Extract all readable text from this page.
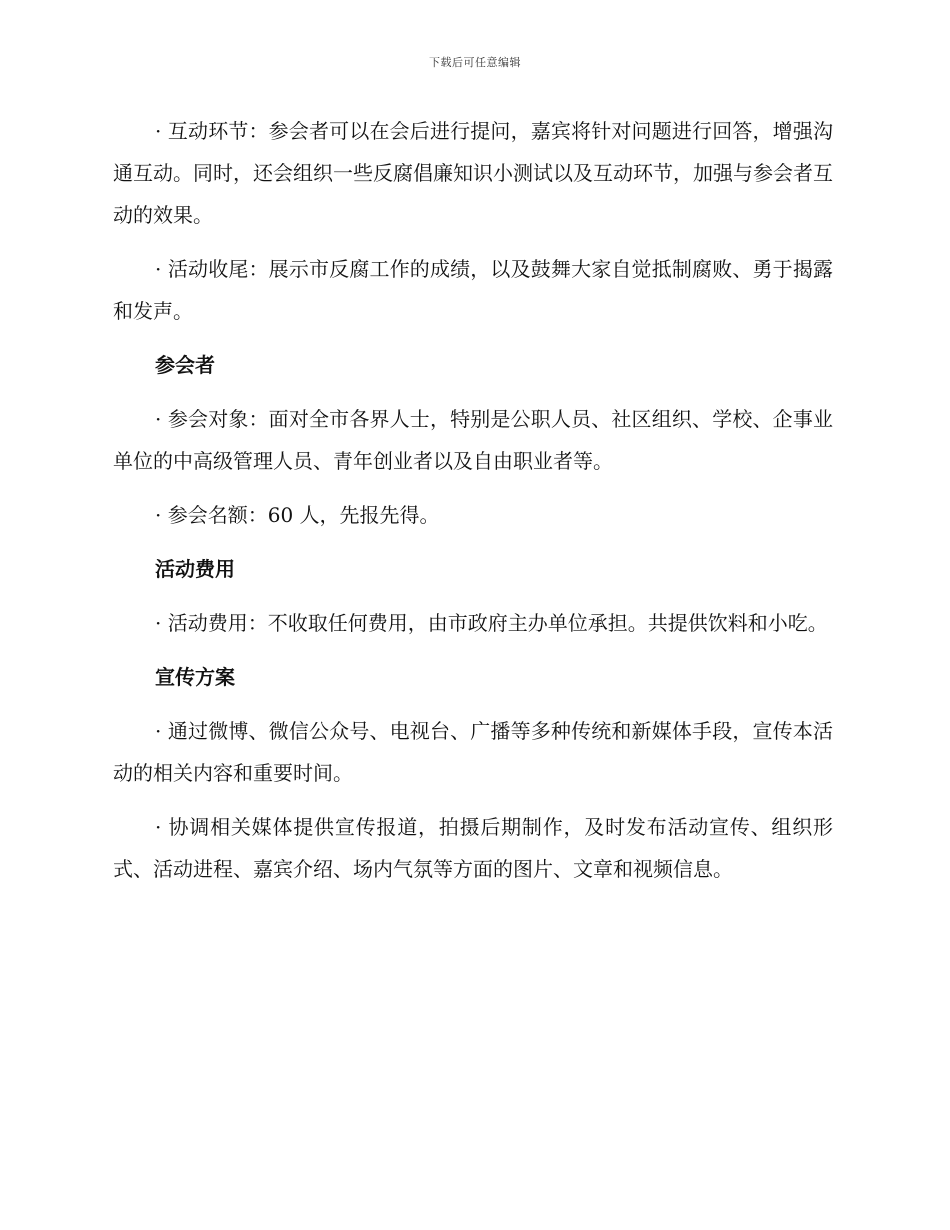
下载后可任意编辑

· 互动环节：参会者可以在会后进行提问，嘉宾将针对问题进行回答，增强沟通互动。同时，还会组织一些反腐倡廉知识小测试以及互动环节，加强与参会者互动的效果。

· 活动收尾：展示市反腐工作的成绩，以及鼓舞大家自觉抵制腐败、勇于揭露和发声。

参会者

· 参会对象：面对全市各界人士，特别是公职人员、社区组织、学校、企事业单位的中高级管理人员、青年创业者以及自由职业者等。

· 参会名额：60 人，先报先得。

活动费用

· 活动费用：不收取任何费用，由市政府主办单位承担。共提供饮料和小吃。

宣传方案

· 通过微博、微信公众号、电视台、广播等多种传统和新媒体手段，宣传本活动的相关内容和重要时间。

· 协调相关媒体提供宣传报道，拍摄后期制作，及时发布活动宣传、组织形式、活动进程、嘉宾介绍、场内气氛等方面的图片、文章和视频信息。
